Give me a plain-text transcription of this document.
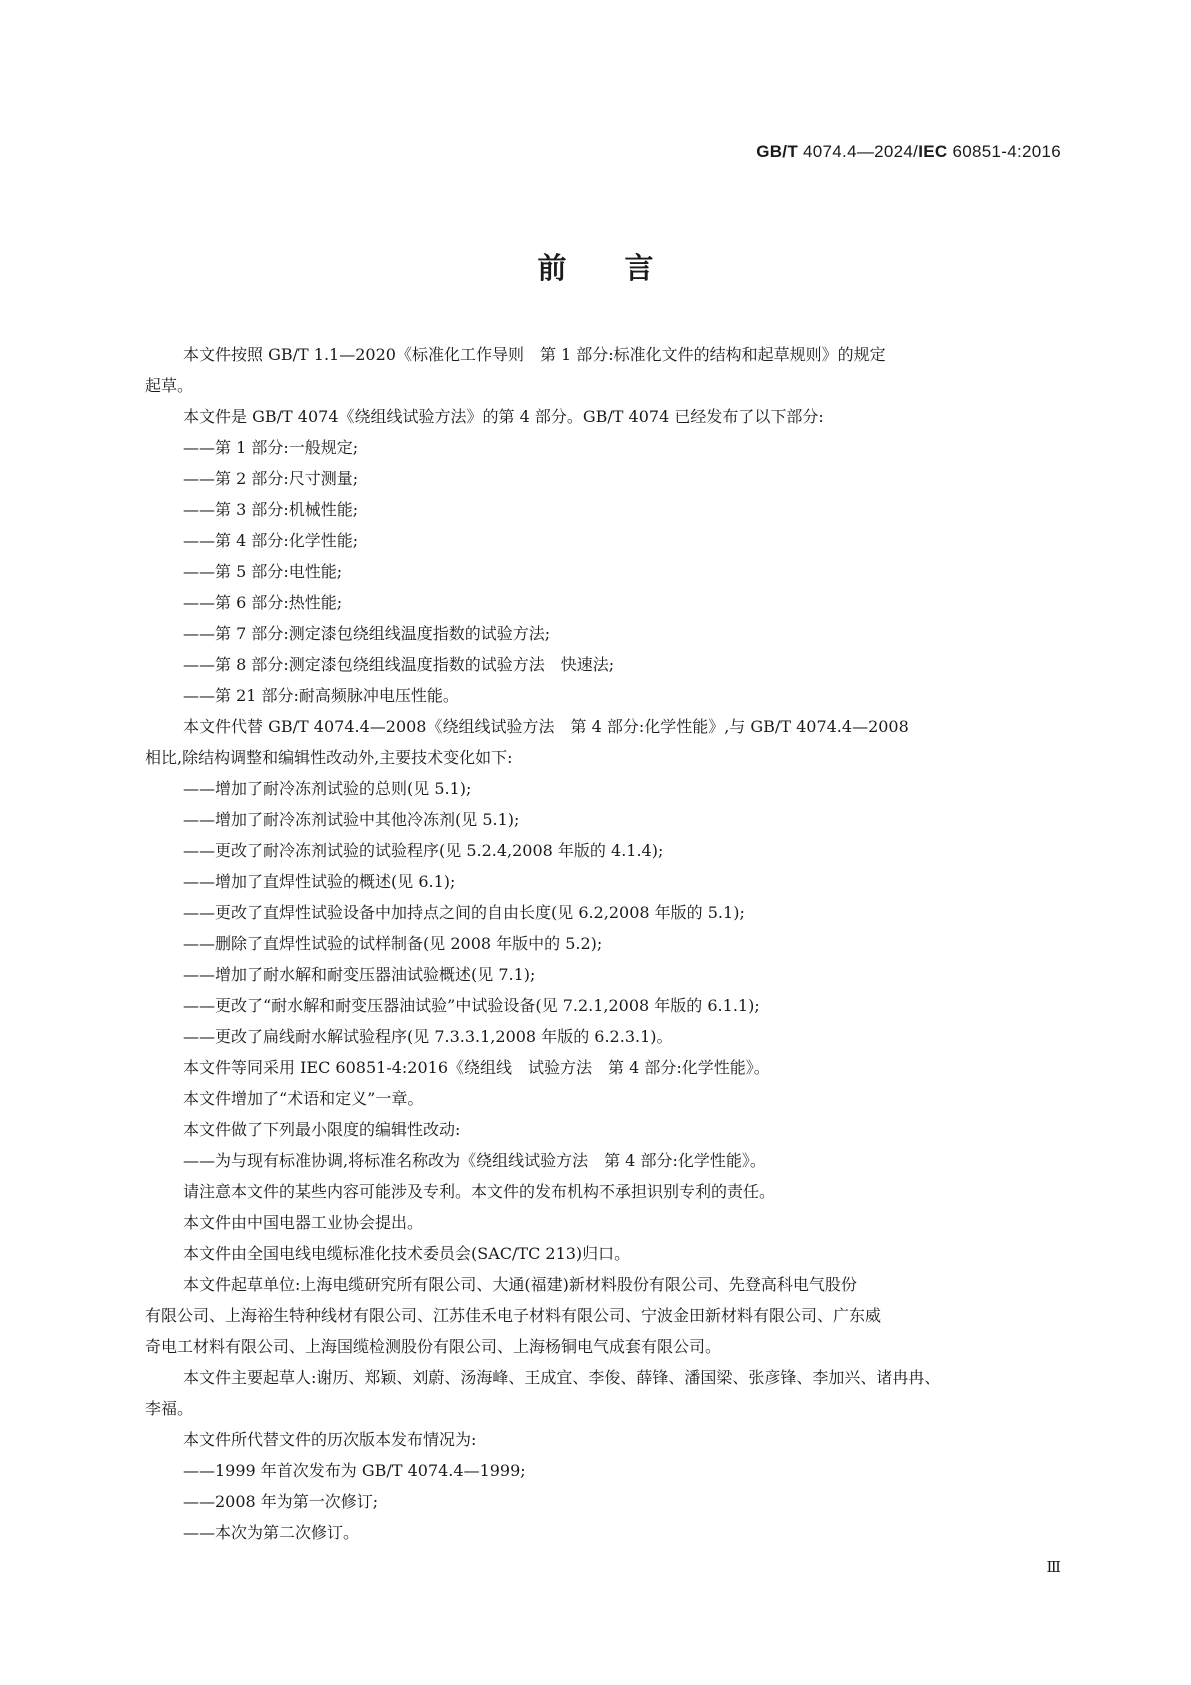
GB/T 4074.4—2024/IEC 60851-4:2016
前言
本文件按照 GB/T 1.1—2020《标准化工作导则　第 1 部分:标准化文件的结构和起草规则》的规定
起草。
本文件是 GB/T 4074《绕组线试验方法》的第 4 部分。GB/T 4074 已经发布了以下部分:
——第 1 部分:一般规定;
——第 2 部分:尺寸测量;
——第 3 部分:机械性能;
——第 4 部分:化学性能;
——第 5 部分:电性能;
——第 6 部分:热性能;
——第 7 部分:测定漆包绕组线温度指数的试验方法;
——第 8 部分:测定漆包绕组线温度指数的试验方法　快速法;
——第 21 部分:耐高频脉冲电压性能。
本文件代替 GB/T 4074.4—2008《绕组线试验方法　第 4 部分:化学性能》,与 GB/T 4074.4—2008
相比,除结构调整和编辑性改动外,主要技术变化如下:
——增加了耐冷冻剂试验的总则(见 5.1);
——增加了耐冷冻剂试验中其他冷冻剂(见 5.1);
——更改了耐冷冻剂试验的试验程序(见 5.2.4,2008 年版的 4.1.4);
——增加了直焊性试验的概述(见 6.1);
——更改了直焊性试验设备中加持点之间的自由长度(见 6.2,2008 年版的 5.1);
——删除了直焊性试验的试样制备(见 2008 年版中的 5.2);
——增加了耐水解和耐变压器油试验概述(见 7.1);
——更改了“耐水解和耐变压器油试验”中试验设备(见 7.2.1,2008 年版的 6.1.1);
——更改了扁线耐水解试验程序(见 7.3.3.1,2008 年版的 6.2.3.1)。
本文件等同采用 IEC 60851-4:2016《绕组线　试验方法　第 4 部分:化学性能》。
本文件增加了“术语和定义”一章。
本文件做了下列最小限度的编辑性改动:
——为与现有标准协调,将标准名称改为《绕组线试验方法　第 4 部分:化学性能》。
请注意本文件的某些内容可能涉及专利。本文件的发布机构不承担识别专利的责任。
本文件由中国电器工业协会提出。
本文件由全国电线电缆标准化技术委员会(SAC/TC 213)归口。
本文件起草单位:上海电缆研究所有限公司、大通(福建)新材料股份有限公司、先登高科电气股份
有限公司、上海裕生特种线材有限公司、江苏佳禾电子材料有限公司、宁波金田新材料有限公司、广东威
奇电工材料有限公司、上海国缆检测股份有限公司、上海杨铜电气成套有限公司。
本文件主要起草人:谢历、郑颖、刘蔚、汤海峰、王成宜、李俊、薛锋、潘国梁、张彦锋、李加兴、诸冉冉、
李福。
本文件所代替文件的历次版本发布情况为:
——1999 年首次发布为 GB/T 4074.4—1999;
——2008 年为第一次修订;
——本次为第二次修订。
Ⅲ
